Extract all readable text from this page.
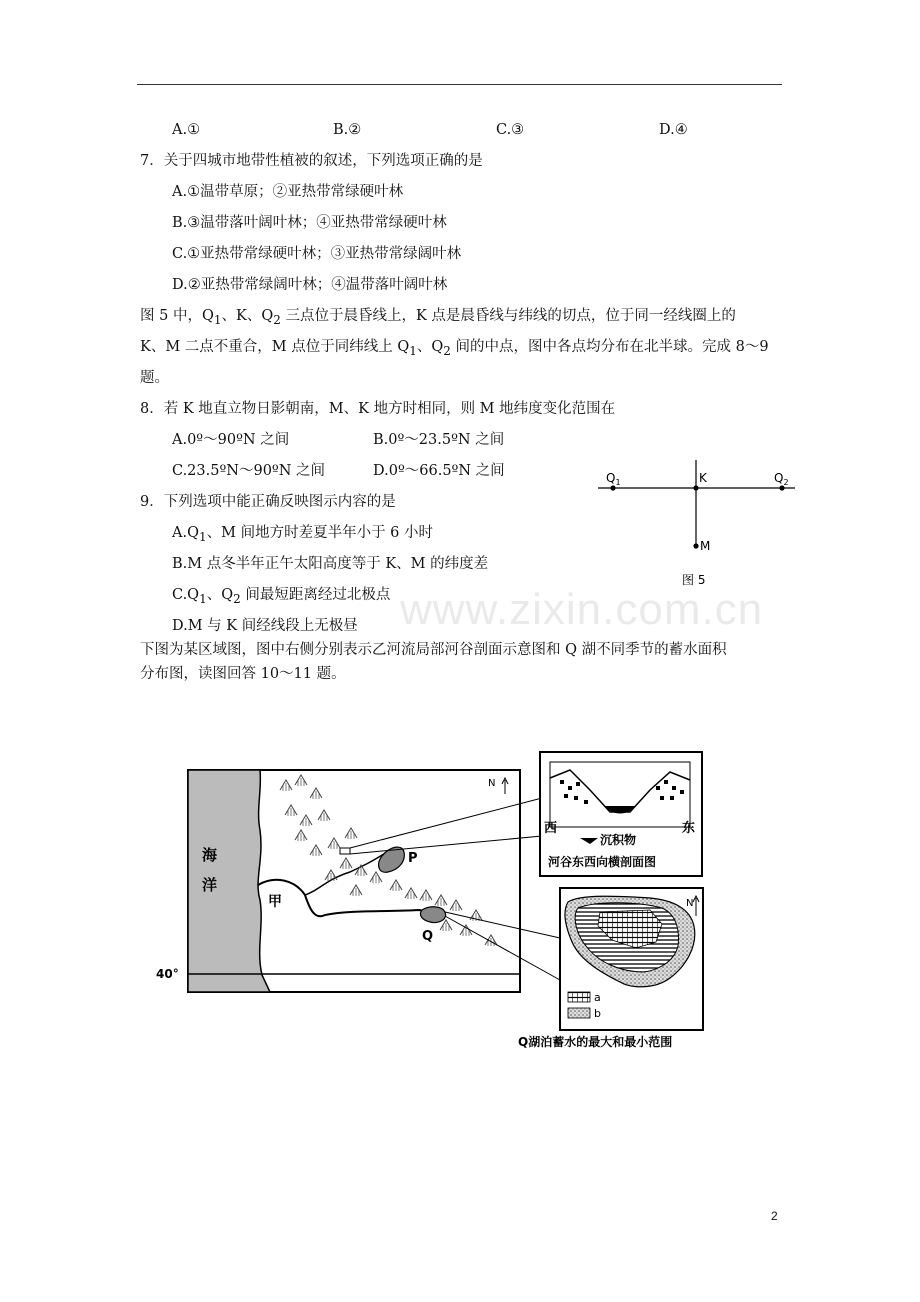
A.①	B.②	C.③	D.④
7．关于四城市地带性植被的叙述，下列选项正确的是
A.①温带草原；②亚热带常绿硬叶林
B.③温带落叶阔叶林；④亚热带常绿硬叶林
C.①亚热带常绿硬叶林；③亚热带常绿阔叶林
D.②亚热带常绿阔叶林；④温带落叶阔叶林
图 5 中，$Q_1$、K、$Q_2$ 三点位于晨昏线上，K 点是晨昏线与纬线的切点，位于同一经线圈上的
K、M 二点不重合，M 点位于同纬线上 $Q_1$、$Q_2$ 间的中点，图中各点均分布在北半球。完成 8～9
题。
8．若 K 地直立物日影朝南，M、K 地方时相同，则 M 地纬度变化范围在
A.0º～90ºN 之间	B.0º～23.5ºN 之间
C.23.5ºN～90ºN 之间	D.0º～66.5ºN 之间
9．下列选项中能正确反映图示内容的是
$A.Q_1$、M 间地方时差夏半年小于 6 小时
B.M 点冬半年正午太阳高度等于 K、M 的纬度差
$C.Q_1$、$Q_2$ 间最短距离经过北极点
D.M 与 K 间经线段上无极昼
下图为某区域图，图中右侧分别表示乙河流局部河谷剖面示意图和 Q 湖不同季节的蓄水面积
分布图，读图回答 10～11 题。
www.zixin.com.cn
$Q_1$	K	$Q_2$
M
图 5
海
洋
40°
甲
P
Q
N
西	东
沉积物
河谷东西向横剖面图
N
a
b
Q湖泊蓄水的最大和最小范围
2
